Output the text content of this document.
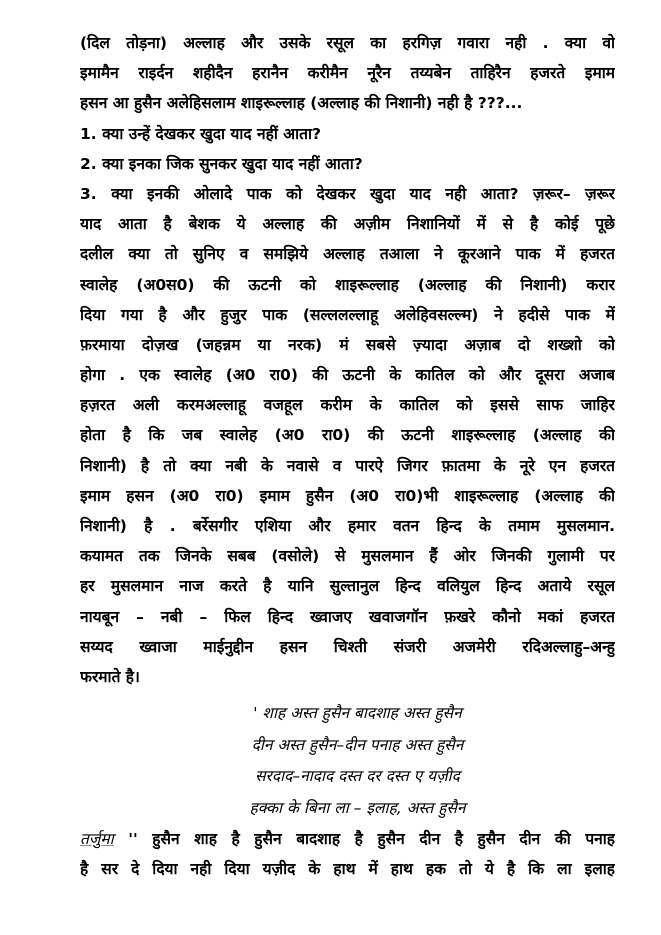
(दिल तोड़ना) अल्लाह और उसके रसूल का हरगिज़ गवारा नही . क्या वो
इमामैन राइर्दन शहीदैन हरानैन करीमैन नूरैन तय्यबेन ताहिरैन हजरते इमाम
हसन आ हुसैन अलेहिसलाम शाइरूल्लाह (अल्लाह की निशानी) नही है ???...
1. क्या उन्हें देखकर खुदा याद नहीं आता?
2. क्या इनका जिक सुनकर खुदा याद नहीं आता?
3. क्या इनकी ओलादे पाक को देखकर खुदा याद नही आता? ज़रूर– ज़रूर
याद आता है बेशक ये अल्लाह की अज़ीम निशानियों में से है कोई पूछे
दलील क्या तो सुनिए व समझिये अल्लाह तआला ने कूरआने पाक में हजरत
स्वालेह (अ0स0) की ऊटनी को शाइरूल्लाह (अल्लाह की निशानी) करार
दिया गया है और हुजुर पाक (सल्ललल्लाहू अलेहिवसल्ल्म) ने हदीसे पाक में
फ़रमाया दोज़ख (जहन्नम या नरक) मं सबसे ज़्यादा अज़ाब दो शख्शो को
होगा . एक स्वालेह (अ0 रा0) की ऊटनी के कातिल को और दूसरा अजाब
हज़रत अली करमअल्लाहू वजहूल करीम के कातिल को इससे साफ जाहिर
होता है कि जब स्वालेह (अ0 रा0) की ऊटनी शाइरूल्लाह (अल्लाह की
निशानी) है तो क्या नबी के नवासे व पारऐ जिगर फ़ातमा के नूरे एन हजरत
इमाम हसन (अ0 रा0) इमाम हुसैन (अ0 रा0)भी शाइरूल्लाह (अल्लाह की
निशानी) है . बर्रेसगीर एशिया और हमार वतन हिन्द के तमाम मुसलमान.
कयामत तक जिनके सबब (वसोले) से मुसलमान हैं ओर जिनकी गुलामी पर
हर मुसलमान नाज करते है यानि सुल्तानुल हिन्द वलियुल हिन्द अताये रसूल
नायबून – नबी – फिल हिन्द ख्वाजए खवाजगॉन फ़खरे कौनो मकां हजरत
सय्यद ख्वाजा माईनुद्दीन हसन चिश्ती संजरी अजमेरी रदिअल्लाहु–अन्हु
फरमाते है।
' शाह अस्त हुसैन बादशाह अस्त हुसैन
दीन अस्त हुसैन–दीन पनाह अस्त हुसैन
सरदाद–नादाद दस्त दर दस्त ए यज़ीद
हक्का के बिना ला – इलाह, अस्त हुसैन
तर्जुमा '' हुसैन शाह है हुसैन बादशाह है हुसैन दीन है हुसैन दीन की पनाह
है सर दे दिया नही दिया यज़ीद के हाथ में हाथ हक तो ये है कि ला इलाह
